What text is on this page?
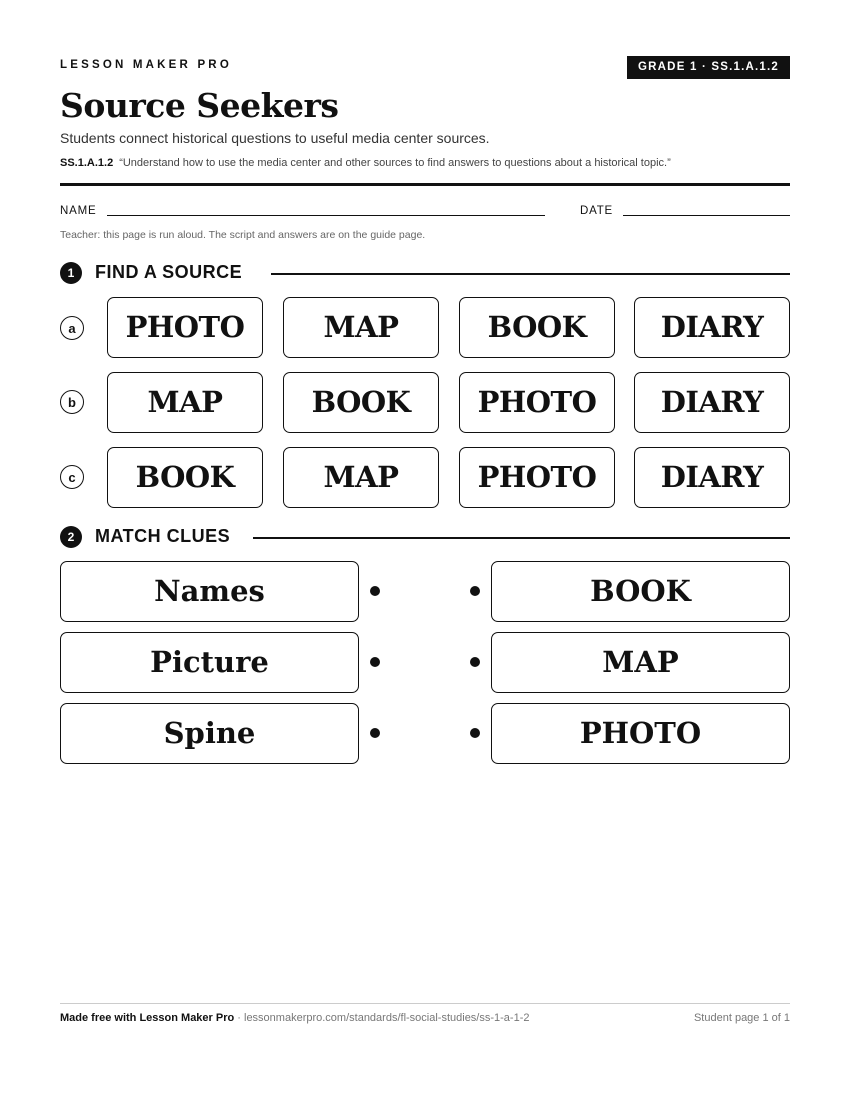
LESSON MAKER PRO	GRADE 1 · SS.1.A.1.2
Source Seekers
Students connect historical questions to useful media center sources.
SS.1.A.1.2 “Understand how to use the media center and other sources to find answers to questions about a historical topic.”
NAME	DATE
Teacher: this page is run aloud. The script and answers are on the guide page.
1	FIND A SOURCE
a	PHOTO	MAP	BOOK	DIARY
b	MAP	BOOK	PHOTO	DIARY
c	BOOK	MAP	PHOTO	DIARY
2	MATCH CLUES
Names	BOOK
Picture	MAP
Spine	PHOTO
Made free with Lesson Maker Pro · lessonmakerpro.com/standards/fl-social-studies/ss-1-a-1-2	Student page 1 of 1
